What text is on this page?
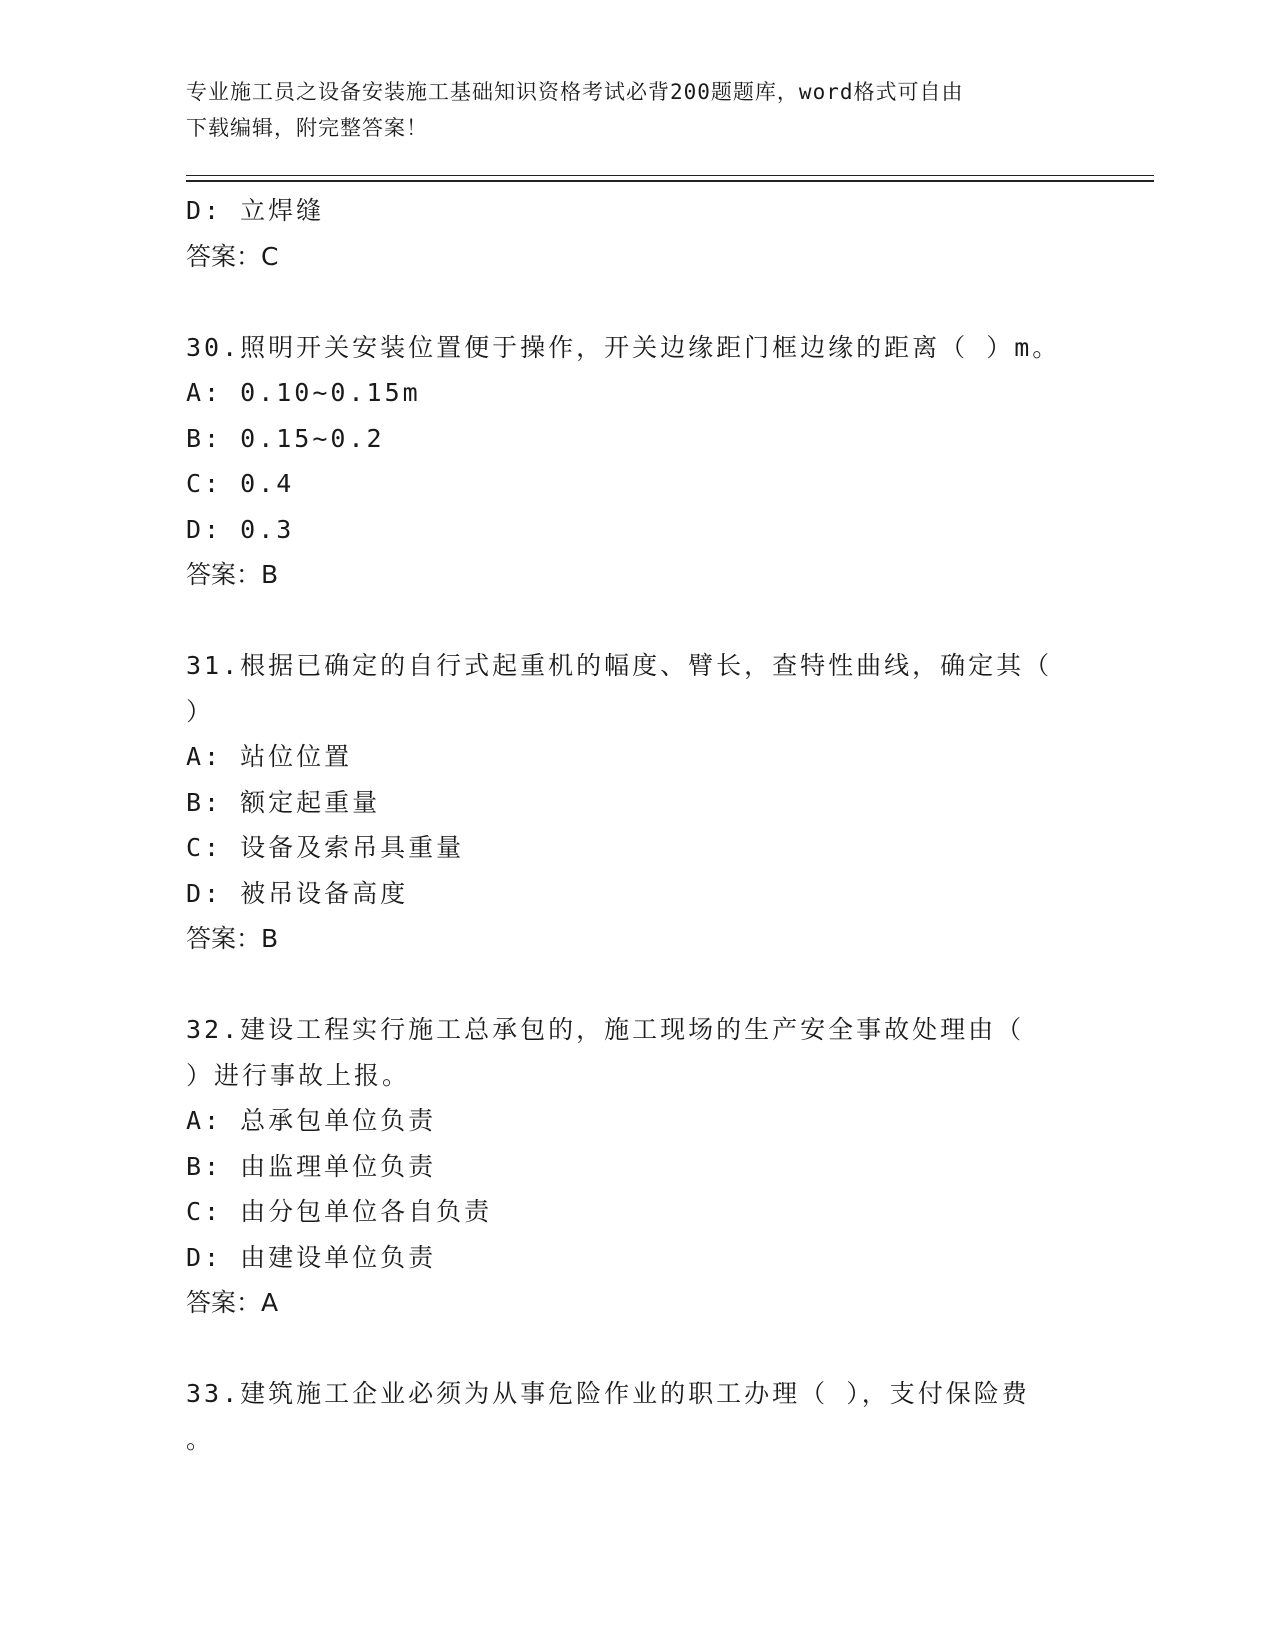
专业施工员之设备安装施工基础知识资格考试必背200题题库，word格式可自由
下载编辑，附完整答案！
D: 立焊缝
答案：C
30.照明开关安装位置便于操作，开关边缘距门框边缘的距离（ ）m。
A: 0.10~0.15m
B: 0.15~0.2
C: 0.4
D: 0.3
答案：B
31.根据已确定的自行式起重机的幅度、臂长，查特性曲线，确定其（
）
A: 站位位置
B: 额定起重量
C: 设备及索吊具重量
D: 被吊设备高度
答案：B
32.建设工程实行施工总承包的，施工现场的生产安全事故处理由（
）进行事故上报。
A: 总承包单位负责
B: 由监理单位负责
C: 由分包单位各自负责
D: 由建设单位负责
答案：A
33.建筑施工企业必须为从事危险作业的职工办理（ ），支付保险费
。
